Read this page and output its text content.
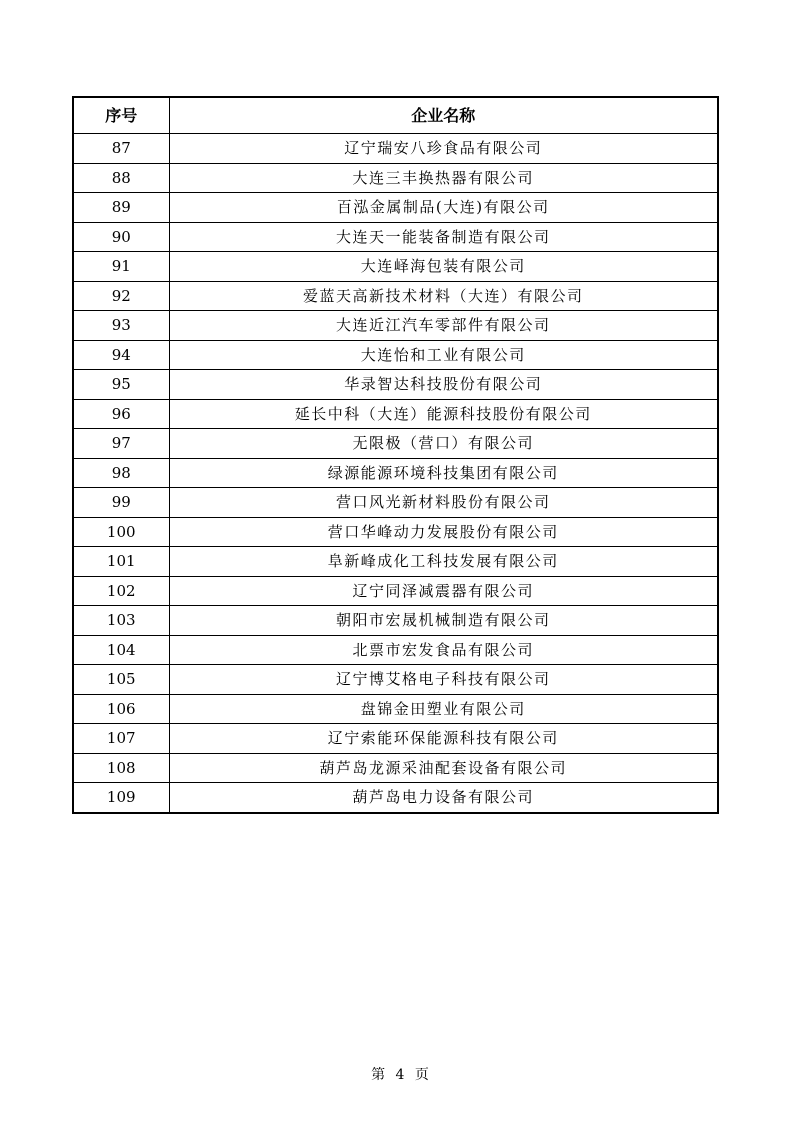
序号	企业名称
87	辽宁瑞安八珍食品有限公司
88	大连三丰换热器有限公司
89	百泓金属制品(大连)有限公司
90	大连天一能装备制造有限公司
91	大连峄海包装有限公司
92	爱蓝天高新技术材料（大连）有限公司
93	大连近江汽车零部件有限公司
94	大连怡和工业有限公司
95	华录智达科技股份有限公司
96	延长中科（大连）能源科技股份有限公司
97	无限极（营口）有限公司
98	绿源能源环境科技集团有限公司
99	营口风光新材料股份有限公司
100	营口华峰动力发展股份有限公司
101	阜新峰成化工科技发展有限公司
102	辽宁同泽减震器有限公司
103	朝阳市宏晟机械制造有限公司
104	北票市宏发食品有限公司
105	辽宁博艾格电子科技有限公司
106	盘锦金田塑业有限公司
107	辽宁索能环保能源科技有限公司
108	葫芦岛龙源采油配套设备有限公司
109	葫芦岛电力设备有限公司
第 4 页
